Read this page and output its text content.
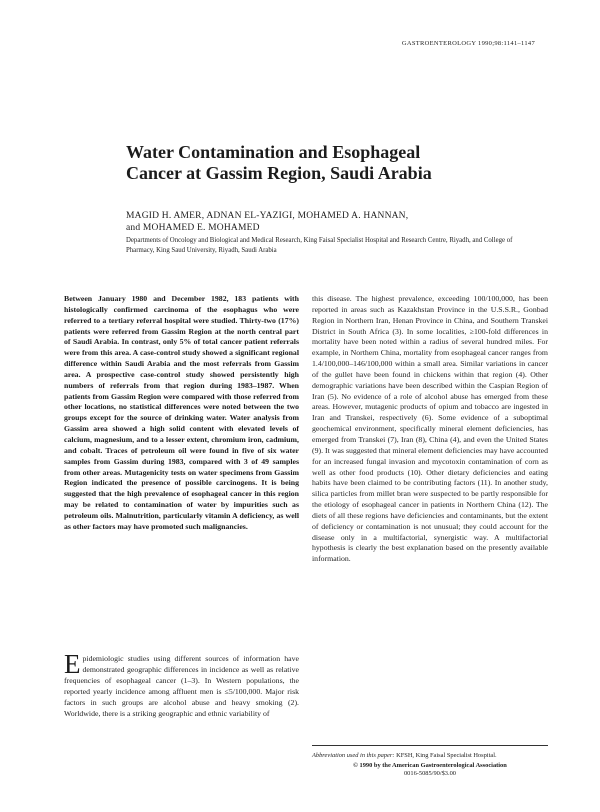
GASTROENTEROLOGY 1990;98:1141–1147
Water Contamination and Esophageal
Cancer at Gassim Region, Saudi Arabia
MAGID H. AMER, ADNAN EL-YAZIGI, MOHAMED A. HANNAN,
and MOHAMED E. MOHAMED
Departments of Oncology and Biological and Medical Research, King Faisal Specialist Hospital and Research Centre, Riyadh, and College of Pharmacy, King Saud University, Riyadh, Saudi Arabia

Between January 1980 and December 1982, 183 patients with histologically confirmed carcinoma of the esophagus who were referred to a tertiary referral hospital were studied. Thirty-two (17%) patients were referred from Gassim Region at the north central part of Saudi Arabia. In contrast, only 5% of total cancer patient referrals were from this area. A case-control study showed a significant regional difference within Saudi Arabia and the most referrals from Gassim area. A prospective case-control study showed persistently high numbers of referrals from that region during 1983–1987. When patients from Gassim Region were compared with those referred from other locations, no statistical differences were noted between the two groups except for the source of drinking water. Water analysis from Gassim area showed a high solid content with elevated levels of calcium, magnesium, and to a lesser extent, chromium iron, cadmium, and cobalt. Traces of petroleum oil were found in five of six water samples from Gassim during 1983, compared with 3 of 49 samples from other areas. Mutagenicity tests on water specimens from Gassim Region indicated the presence of possible carcinogens. It is being suggested that the high prevalence of esophageal cancer in this region may be related to contamination of water by impurities such as petroleum oils. Malnutrition, particularly vitamin A deficiency, as well as other factors may have promoted such malignancies.

Epidemiologic studies using different sources of information have demonstrated geographic differences in incidence as well as relative frequencies of esophageal cancer (1–3). In Western populations, the reported yearly incidence among affluent men is ≤5/100,000. Major risk factors in such groups are alcohol abuse and heavy smoking (2). Worldwide, there is a striking geographic and ethnic variability of

this disease. The highest prevalence, exceeding 100/100,000, has been reported in areas such as Kazakhstan Province in the U.S.S.R., Gonbad Region in Northern Iran, Henan Province in China, and Southern Transkei District in South Africa (3). In some localities, ≥100-fold differences in mortality have been noted within a radius of several hundred miles. For example, in Northern China, mortality from esophageal cancer ranges from 1.4/100,000–146/100,000 within a small area. Similar variations in cancer of the gullet have been found in chickens within that region (4). Other demographic variations have been described within the Caspian Region of Iran (5). No evidence of a role of alcohol abuse has emerged from these areas. However, mutagenic products of opium and tobacco are ingested in Iran and Transkei, respectively (6). Some evidence of a suboptimal geochemical environment, specifically mineral element deficiencies, has emerged from Transkei (7), Iran (8), China (4), and even the United States (9). It was suggested that mineral element deficiencies may have accounted for an increased fungal invasion and mycotoxin contamination of corn as well as other food products (10). Other dietary deficiencies and eating habits have been claimed to be contributing factors (11). In another study, silica particles from millet bran were suspected to be partly responsible for the etiology of esophageal cancer in patients in Northern China (12). The diets of all these regions have deficiencies and contaminants, but the extent of deficiency or contamination is not unusual; they could account for the disease only in a multifactorial, synergistic way. A multifactorial hypothesis is clearly the best explanation based on the presently available information.

Abbreviation used in this paper: KFSH, King Faisal Specialist Hospital.

© 1990 by the American Gastroenterological Association

0016-5085/90/$3.00
